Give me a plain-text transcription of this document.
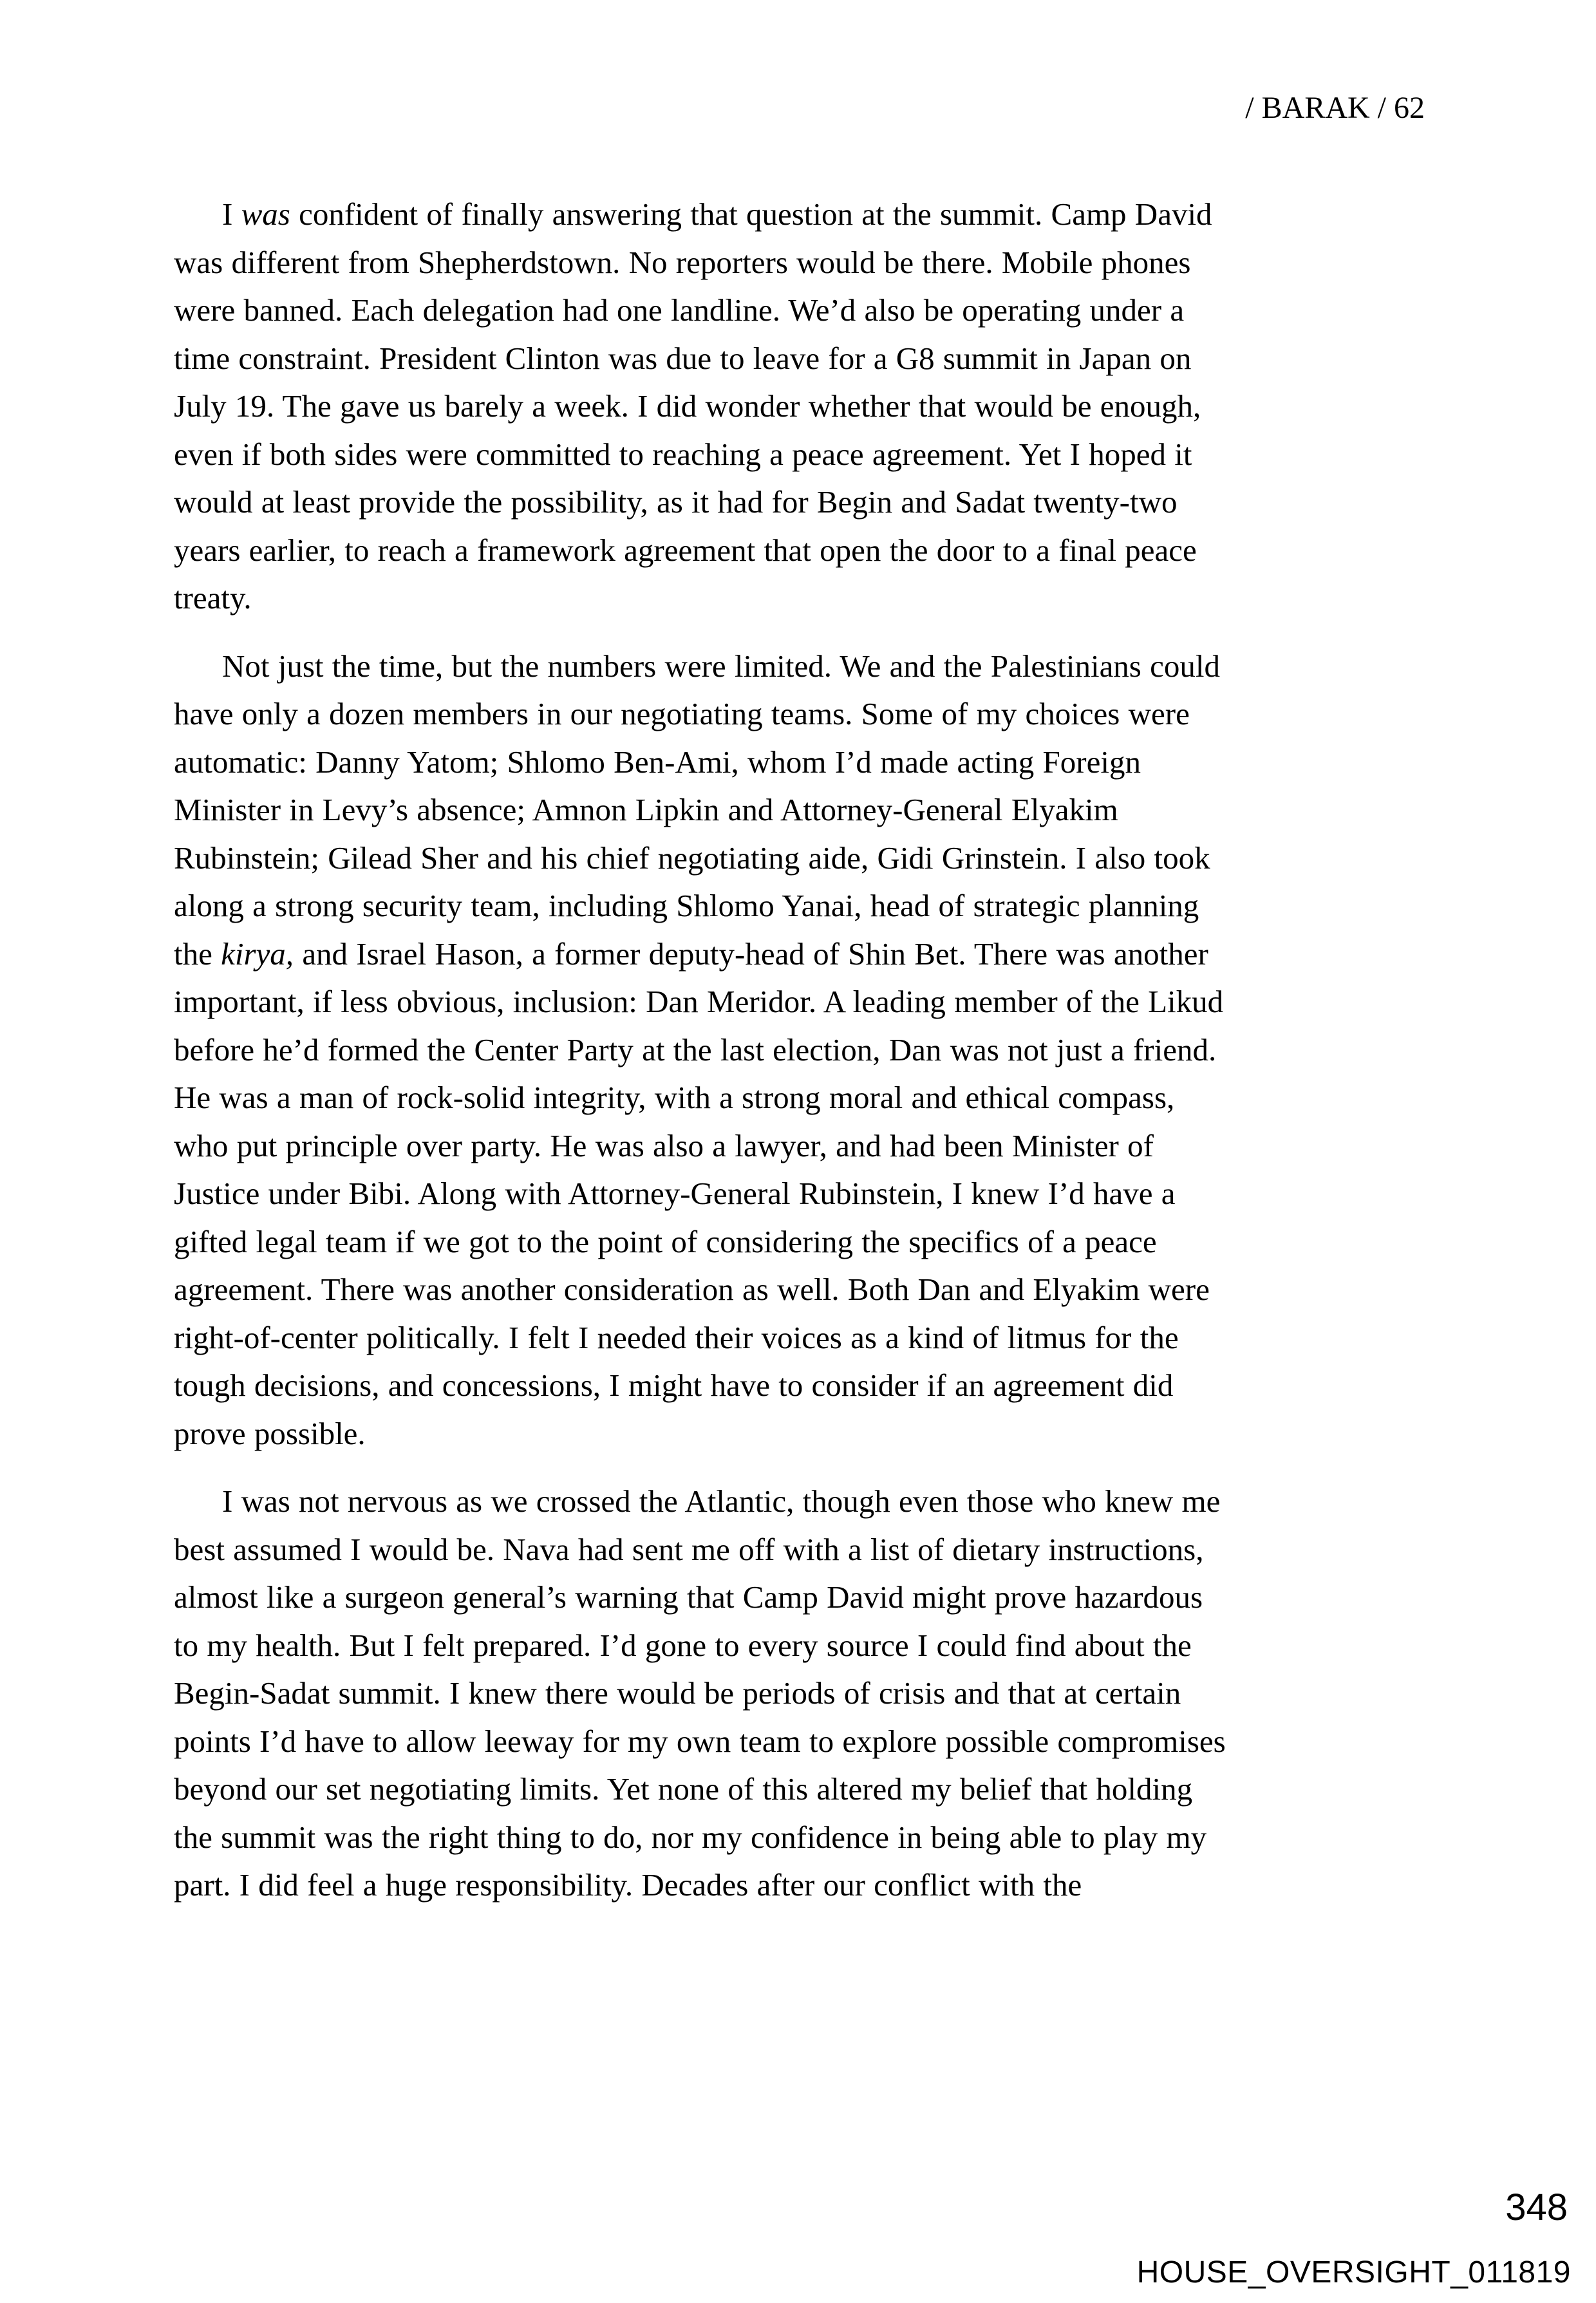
/ BARAK / 62
I was confident of finally answering that question at the summit. Camp David
was different from Shepherdstown. No reporters would be there. Mobile phones
were banned. Each delegation had one landline. We’d also be operating under a
time constraint. President Clinton was due to leave for a G8 summit in Japan on
July 19. The gave us barely a week. I did wonder whether that would be enough,
even if both sides were committed to reaching a peace agreement. Yet I hoped it
would at least provide the possibility, as it had for Begin and Sadat twenty-two
years earlier, to reach a framework agreement that open the door to a final peace
treaty.
Not just the time, but the numbers were limited. We and the Palestinians could
have only a dozen members in our negotiating teams. Some of my choices were
automatic: Danny Yatom; Shlomo Ben-Ami, whom I’d made acting Foreign
Minister in Levy’s absence; Amnon Lipkin and Attorney-General Elyakim
Rubinstein; Gilead Sher and his chief negotiating aide, Gidi Grinstein. I also took
along a strong security team, including Shlomo Yanai, head of strategic planning
the kirya, and Israel Hason, a former deputy-head of Shin Bet. There was another
important, if less obvious, inclusion: Dan Meridor. A leading member of the Likud
before he’d formed the Center Party at the last election, Dan was not just a friend.
He was a man of rock-solid integrity, with a strong moral and ethical compass,
who put principle over party. He was also a lawyer, and had been Minister of
Justice under Bibi. Along with Attorney-General Rubinstein, I knew I’d have a
gifted legal team if we got to the point of considering the specifics of a peace
agreement. There was another consideration as well. Both Dan and Elyakim were
right-of-center politically. I felt I needed their voices as a kind of litmus for the
tough decisions, and concessions, I might have to consider if an agreement did
prove possible.
I was not nervous as we crossed the Atlantic, though even those who knew me
best assumed I would be. Nava had sent me off with a list of dietary instructions,
almost like a surgeon general’s warning that Camp David might prove hazardous
to my health. But I felt prepared. I’d gone to every source I could find about the
Begin-Sadat summit. I knew there would be periods of crisis and that at certain
points I’d have to allow leeway for my own team to explore possible compromises
beyond our set negotiating limits. Yet none of this altered my belief that holding
the summit was the right thing to do, nor my confidence in being able to play my
part. I did feel a huge responsibility. Decades after our conflict with the
348
HOUSE_OVERSIGHT_011819
